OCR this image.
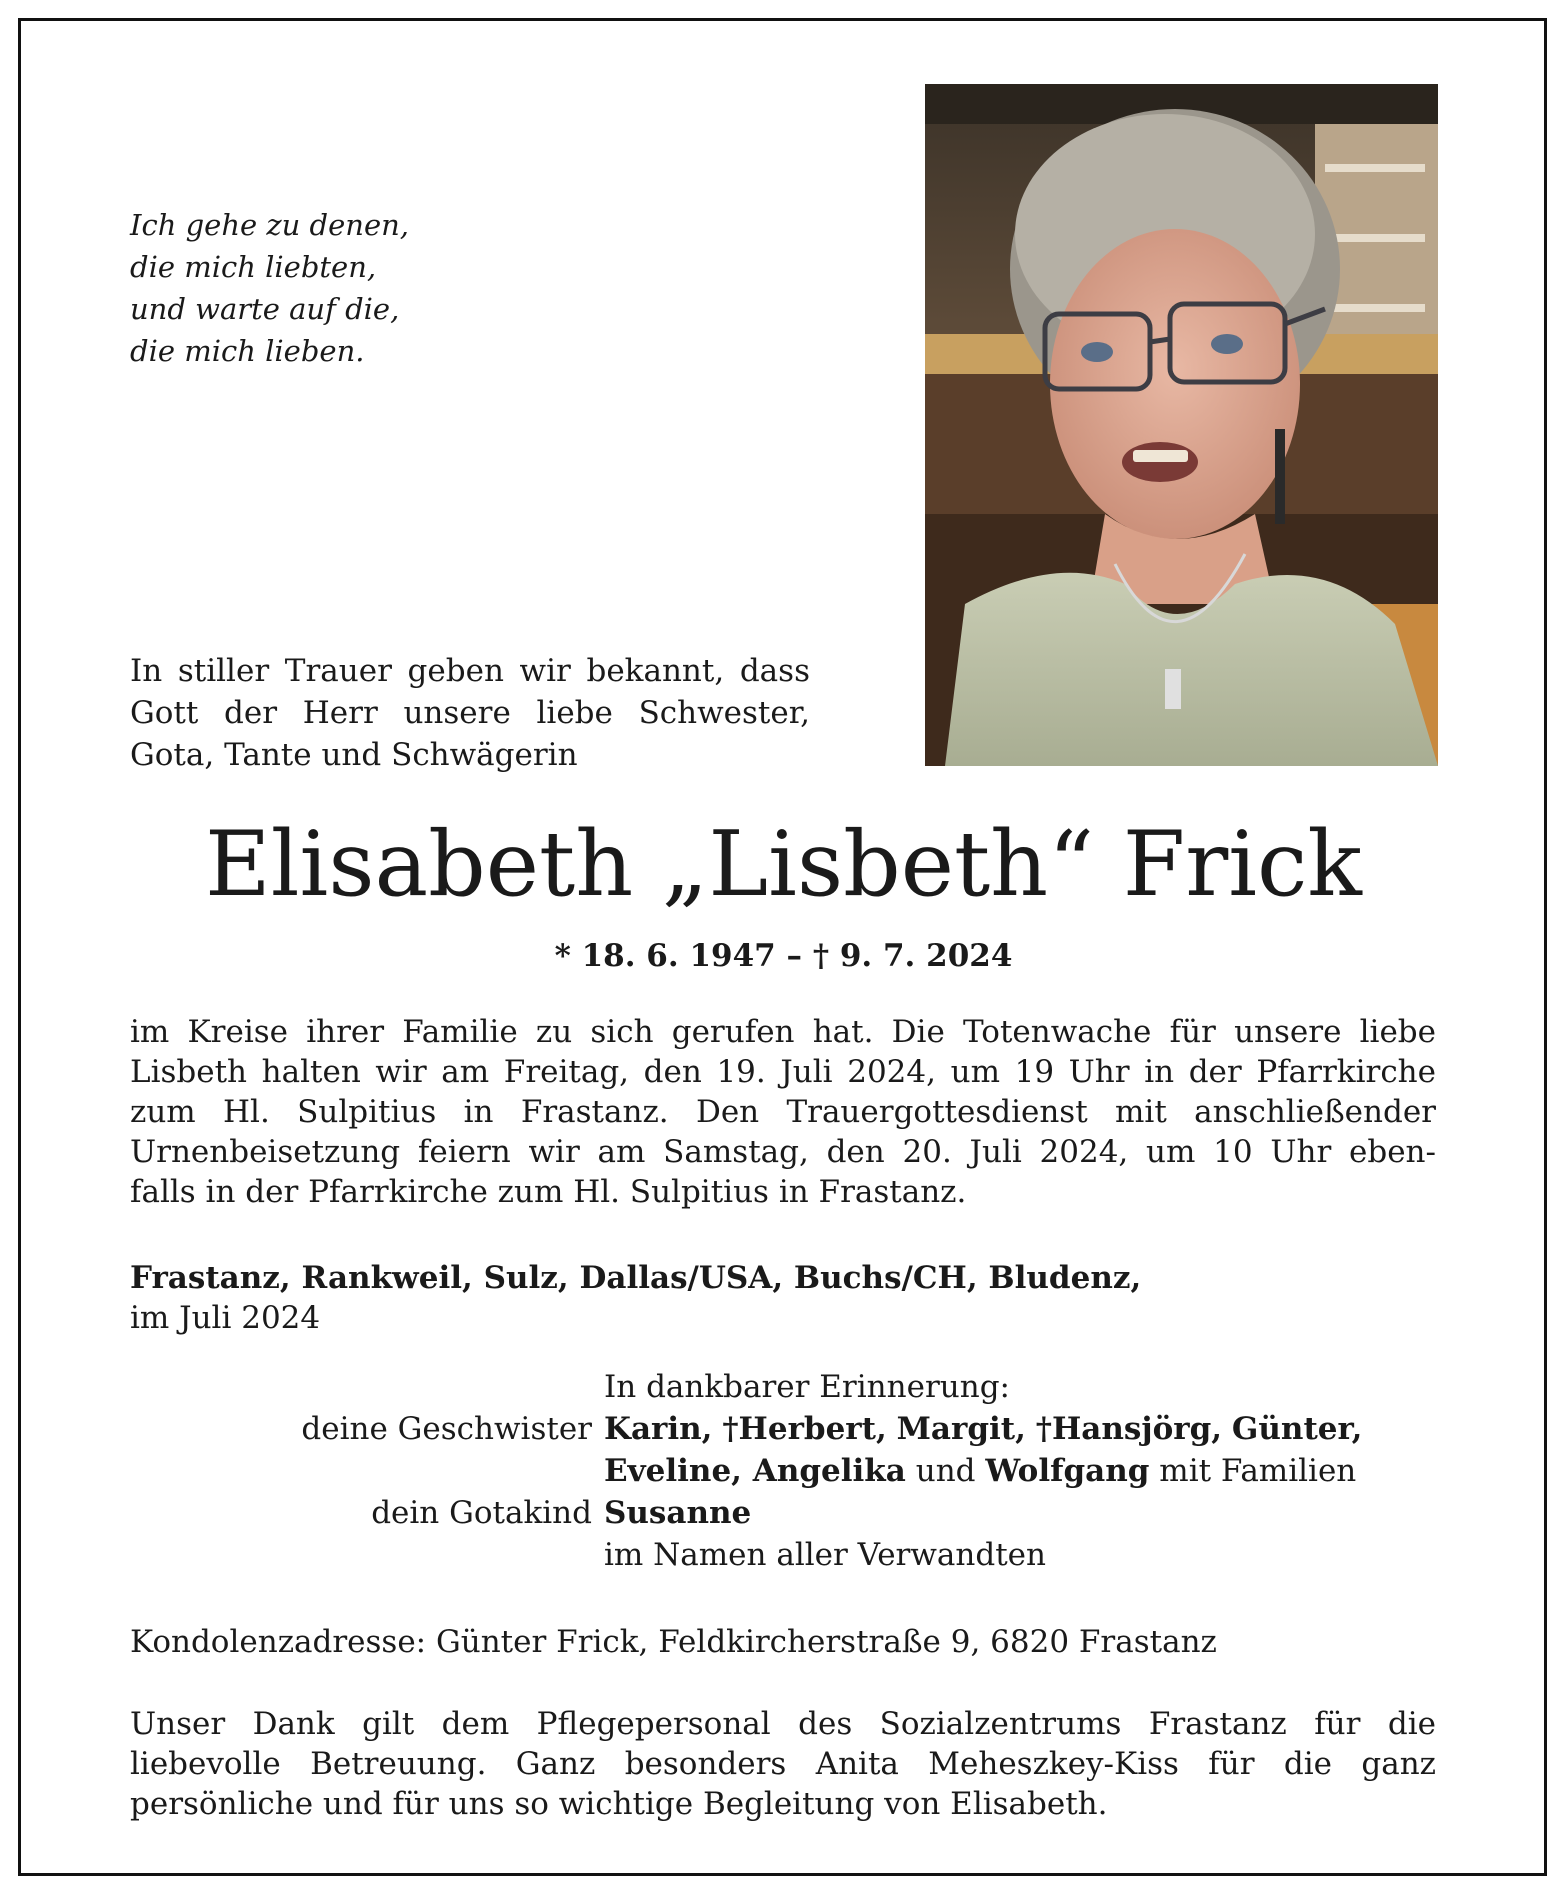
Ich gehe zu denen,
die mich liebten,
und warte auf die,
die mich lieben.
In stiller Trauer geben wir bekannt, dass
Gott der Herr unsere liebe Schwester,
Gota, Tante und Schwägerin
Elisabeth „Lisbeth“ Frick
* 18. 6. 1947 – † 9. 7. 2024
im Kreise ihrer Familie zu sich gerufen hat. Die Totenwache für unsere liebe
Lisbeth halten wir am Freitag, den 19. Juli 2024, um 19 Uhr in der Pfarrkirche
zum Hl. Sulpitius in Frastanz. Den Trauergottesdienst mit anschließender
Urnenbeisetzung feiern wir am Samstag, den 20. Juli 2024, um 10 Uhr eben-
falls in der Pfarrkirche zum Hl. Sulpitius in Frastanz.
Frastanz, Rankweil, Sulz, Dallas/USA, Buchs/CH, Bludenz,
im Juli 2024
In dankbarer Erinnerung:
deine Geschwister Karin, †Herbert, Margit, †Hansjörg, Günter,
Eveline, Angelika und Wolfgang mit Familien
dein Gotakind Susanne
im Namen aller Verwandten
Kondolenzadresse: Günter Frick, Feldkircherstraße 9, 6820 Frastanz
Unser Dank gilt dem Pflegepersonal des Sozialzentrums Frastanz für die
liebevolle Betreuung. Ganz besonders Anita Meheszkey-Kiss für die ganz
persönliche und für uns so wichtige Begleitung von Elisabeth.
